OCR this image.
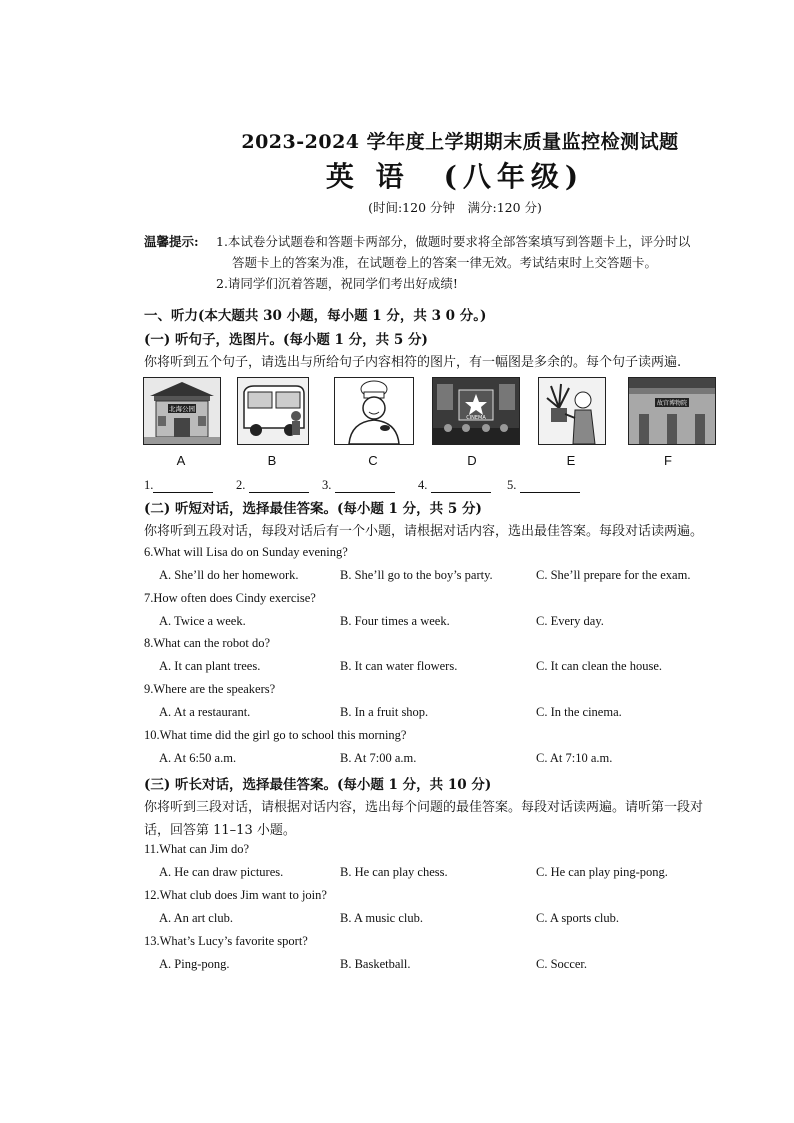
2023-2024 学年度上学期期末质量监控检测试题
英 语　(八年级)
(时间:120 分钟　满分:120 分)
温馨提示: 1.本试卷分试题卷和答题卡两部分，做题时要求将全部答案填写到答题卡上，评分时以
答题卡上的答案为准，在试题卷上的答案一律无效。考试结束时上交答题卡。
2.请同学们沉着答题，祝同学们考出好成绩!
一、听力(本大题共 30 小题，每小题 1 分，共 3 0 分。)
(一) 听句子，选图片。(每小题 1 分，共 5 分)
你将听到五个句子，请选出与所给句子内容相符的图片，有一幅图是多余的。每个句子读两遍.
北海公园
CINEMA
故宫博物院
A	B	C	D	E	F
1.	2.	3.	4.	5.
(二) 听短对话，选择最佳答案。(每小题 1 分，共 5 分)
你将听到五段对话，每段对话后有一个小题，请根据对话内容，选出最佳答案。每段对话读两遍。
6.What will Lisa do on Sunday evening?
A. She’ll do her homework.	B. She’ll go to the boy’s party.	C. She’ll prepare for the exam.
7.How often does Cindy exercise?
A. Twice a week.	B. Four times a week.	C. Every day.
8.What can the robot do?
A. It can plant trees.	B. It can water flowers.	C. It can clean the house.
9.Where are the speakers?
A. At a restaurant.	B. In a fruit shop.	C. In the cinema.
10.What time did the girl go to school this morning?
A. At 6:50 a.m.	B. At 7:00 a.m.	C. At 7:10 a.m.
(三) 听长对话，选择最佳答案。(每小题 1 分，共 10 分)
你将听到三段对话，请根据对话内容，选出每个问题的最佳答案。每段对话读两遍。请听第一段对
话，回答第 11–13 小题。
11.What can Jim do?
A. He can draw pictures.	B. He can play chess.	C. He can play ping-pong.
12.What club does Jim want to join?
A. An art club.	B. A music club.	C. A sports club.
13.What’s Lucy’s favorite sport?
A. Ping-pong.	B. Basketball.	C. Soccer.
